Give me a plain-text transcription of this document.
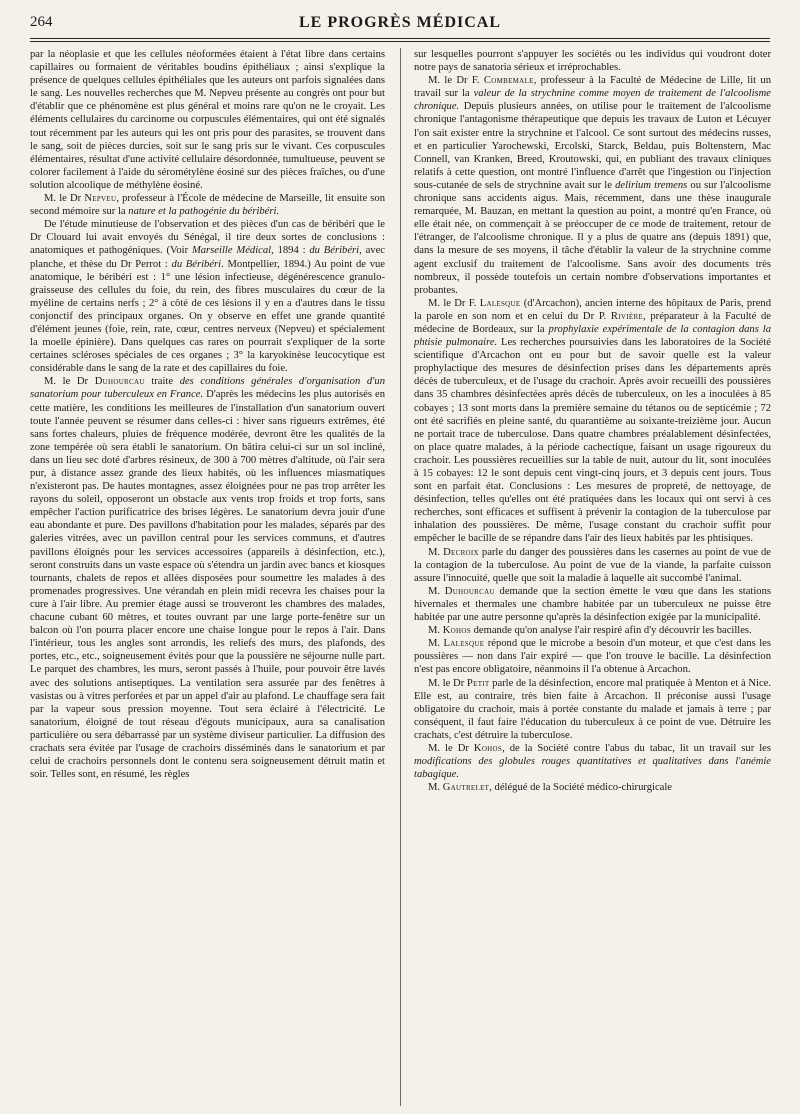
264	LE PROGRÈS MÉDICAL

par la néoplasie et que les cellules néoformées étaient à l'état libre dans certains capillaires ou formaient de véritables boudins épithéliaux ; ainsi s'explique la présence de quelques cellules épithéliales que les auteurs ont parfois signalées dans le sang. Les nouvelles recherches que M. Nepveu présente au congrès ont pour but d'établir que ce phénomène est plus général et moins rare qu'on ne le croyait. Les éléments cellulaires du carcinome ou corpuscules élémentaires, qui ont été signalés tout récemment par les auteurs qui les ont pris pour des parasites, se trouvent dans le sang, soit de pièces durcies, soit sur le sang pris sur le vivant. Ces corpuscules élémentaires, résultat d'une activité cellulaire désordonnée, tumultueuse, peuvent se colorer facilement à l'aide du sérométylène éosiné sur des pièces fraîches, ou d'une solution alcoolique de méthylène éosiné.

M. le Dr Nepveu, professeur à l'École de médecine de Marseille, lit ensuite son second mémoire sur la nature et la pathogénie du béribéri.

De l'étude minutieuse de l'observation et des pièces d'un cas de béribéri que le Dr Clouard lui avait envoyés du Sénégal, il tire deux sortes de conclusions : anatomiques et pathogéniques. (Voir Marseille Médical, 1894 : du Béribéri, avec planche, et thèse du Dr Perrot : du Béribéri. Montpellier, 1894.) Au point de vue anatomique, le béribéri est : 1° une lésion infectieuse, dégénérescence granulo-graisseuse des cellules du foie, du rein, des fibres musculaires du cœur de la myéline de certains nerfs ; 2° à côté de ces lésions il y en a d'autres dans le tissu conjonctif des principaux organes. On y observe en effet une grande quantité d'élément jeunes (foie, rein, rate, cœur, centres nerveux (Nepveu) et spécialement la moelle épinière). Dans quelques cas rares on pourrait s'expliquer de la sorte certaines scléroses spéciales de ces organes ; 3° la karyokinèse leucocytique est considérable dans le sang de la rate et des capillaires du foie.

M. le Dr Duhourcau traite des conditions générales d'organisation d'un sanatorium pour tuberculeux en France. D'après les médecins les plus autorisés en cette matière, les conditions les meilleures de l'installation d'un sanatorium ouvert toute l'année peuvent se résumer dans celles-ci : hiver sans rigueurs extrêmes, été sans fortes chaleurs, pluies de fréquence modérée, devront être les qualités de la zone tempérée où sera établi le sanatorium. On bâtira celui-ci sur un sol incliné, dans un lieu sec doté d'arbres résineux, de 300 à 700 mètres d'altitude, où l'air sera pur, à distance assez grande des lieux habités, où les influences miasmatiques n'existeront pas. De hautes montagnes, assez éloignées pour ne pas trop arrêter les rayons du soleil, opposeront un obstacle aux vents trop froids et trop forts, sans empêcher l'action purificatrice des brises légères. Le sanatorium devra jouir d'une eau abondante et pure. Des pavillons d'habitation pour les malades, séparés par des galeries vitrées, avec un pavillon central pour les services communs, et d'autres pavillons éloignés pour les services accessoires (appareils à désinfection, etc.), seront construits dans un vaste espace où s'étendra un jardin avec bancs et kiosques tournants, chalets de repos et allées disposées pour soumettre les malades à des promenades progressives. Une vérandah en plein midi recevra les chaises pour la cure à l'air libre. Au premier étage aussi se trouveront les chambres des malades, chacune cubant 60 mètres, et toutes ouvrant par une large porte-fenêtre sur un balcon où l'on pourra placer encore une chaise longue pour le repos à l'air. Dans l'intérieur, tous les angles sont arrondis, les reliefs des murs, des plafonds, des portes, etc., etc., soigneusement évités pour que la poussière ne séjourne nulle part. Le parquet des chambres, les murs, seront passés à l'huile, pour pouvoir être lavés avec des solutions antiseptiques. La ventilation sera assurée par des fenêtres à vasistas ou à vitres perforées et par un appel d'air au plafond. Le chauffage sera fait par la vapeur sous pression moyenne. Tout sera éclairé à l'électricité. Le sanatorium, éloigné de tout réseau d'égouts municipaux, aura sa canalisation particulière ou sera débarrassé par un système diviseur particulier. La diffusion des crachats sera évitée par l'usage de crachoirs disséminés dans le sanatorium et par celui de crachoirs personnels dont le contenu sera soigneusement détruit matin et soir. Telles sont, en résumé, les règles

sur lesquelles pourront s'appuyer les sociétés ou les individus qui voudront doter notre pays de sanatoria sérieux et irréprochables.

M. le Dr F. Combemale, professeur à la Faculté de Médecine de Lille, lit un travail sur la valeur de la strychnine comme moyen de traitement de l'alcoolisme chronique. Depuis plusieurs années, on utilise pour le traitement de l'alcoolisme chronique l'antagonisme thérapeutique que depuis les travaux de Luton et Lécuyer l'on sait exister entre la strychnine et l'alcool. Ce sont surtout des médecins russes, et en particulier Yarochewski, Ercolski, Starck, Beldau, puis Boltenstern, Mac Connell, van Kranken, Breed, Kroutowski, qui, en publiant des travaux cliniques relatifs à cette question, ont montré l'influence d'arrêt que l'ingestion ou l'injection sous-cutanée de sels de strychnine avait sur le delirium tremens ou sur l'alcoolisme chronique sans accidents aigus. Mais, récemment, dans une thèse inaugurale remarquée, M. Bauzan, en mettant la question au point, a montré qu'en France, où elle était née, on commençait à se préoccuper de ce mode de traitement, retour de l'étranger, de l'alcoolisme chronique. Il y a plus de quatre ans (depuis 1891) que, dans la mesure de ses moyens, il tâche d'établir la valeur de la strychnine comme agent exclusif du traitement de l'alcoolisme. Sans avoir des documents très nombreux, il possède toutefois un certain nombre d'observations importantes et probantes.

M. le Dr F. Lalesque (d'Arcachon), ancien interne des hôpitaux de Paris, prend la parole en son nom et en celui du Dr P. Rivière, préparateur à la Faculté de médecine de Bordeaux, sur la prophylaxie expérimentale de la contagion dans la phtisie pulmonaire. Les recherches poursuivies dans les laboratoires de la Société scientifique d'Arcachon ont eu pour but de savoir quelle est la valeur prophylactique des mesures de désinfection prises dans les départements après décès de tuberculeux, et de l'usage du crachoir. Après avoir recueilli des poussières dans 35 chambres désinfectées après décès de tuberculeux, on les a inoculées à 85 cobayes ; 13 sont morts dans la première semaine du tétanos ou de septicémie ; 72 ont été sacrifiés en pleine santé, du quarantième au soixante-treizième jour. Aucun ne portait trace de tuberculose. Dans quatre chambres préalablement désinfectées, on place quatre malades, à la période cachectique, faisant un usage rigoureux du crachoir. Les poussières recueillies sur la table de nuit, autour du lit, sont inoculées à 15 cobayes: 12 le sont depuis cent vingt-cinq jours, et 3 depuis cent jours. Tous sont en parfait état. Conclusions : Les mesures de propreté, de nettoyage, de désinfection, telles qu'elles ont été pratiquées dans les locaux qui ont servi à ces recherches, sont efficaces et suffisent à prévenir la contagion de la tuberculose par inhalation des poussières. De même, l'usage constant du crachoir suffit pour empêcher le bacille de se répandre dans l'air des lieux habités par les phtisiques.

M. Decroix parle du danger des poussières dans les casernes au point de vue de la contagion de la tuberculose. Au point de vue de la viande, la parfaite cuisson assure l'innocuité, quelle que soit la maladie à laquelle ait succombé l'animal.

M. Duhourcau demande que la section émette le vœu que dans les stations hivernales et thermales une chambre habitée par un tuberculeux ne puisse être habitée par une autre personne qu'après la désinfection exigée par la municipalité.

M. Kohos demande qu'on analyse l'air respiré afin d'y découvrir les bacilles.

M. Lalesque répond que le microbe a besoin d'un moteur, et que c'est dans les poussières — non dans l'air expiré — que l'on trouve le bacille. La désinfection n'est pas encore obligatoire, néanmoins il l'a obtenue à Arcachon.

M. le Dr Petit parle de la désinfection, encore mal pratiquée à Menton et à Nice. Elle est, au contraire, très bien faite à Arcachon. Il préconise aussi l'usage obligatoire du crachoir, mais à portée constante du malade et jamais à terre ; par conséquent, il faut faire l'éducation du tuberculeux à ce point de vue. Détruire les crachats, c'est détruire la tuberculose.

M. le Dr Kohos, de la Société contre l'abus du tabac, lit un travail sur les modifications des globules rouges quantitatives et qualitatives dans l'anémie tabagique.

M. Gautrelet, délégué de la Société médico-chirurgicale
